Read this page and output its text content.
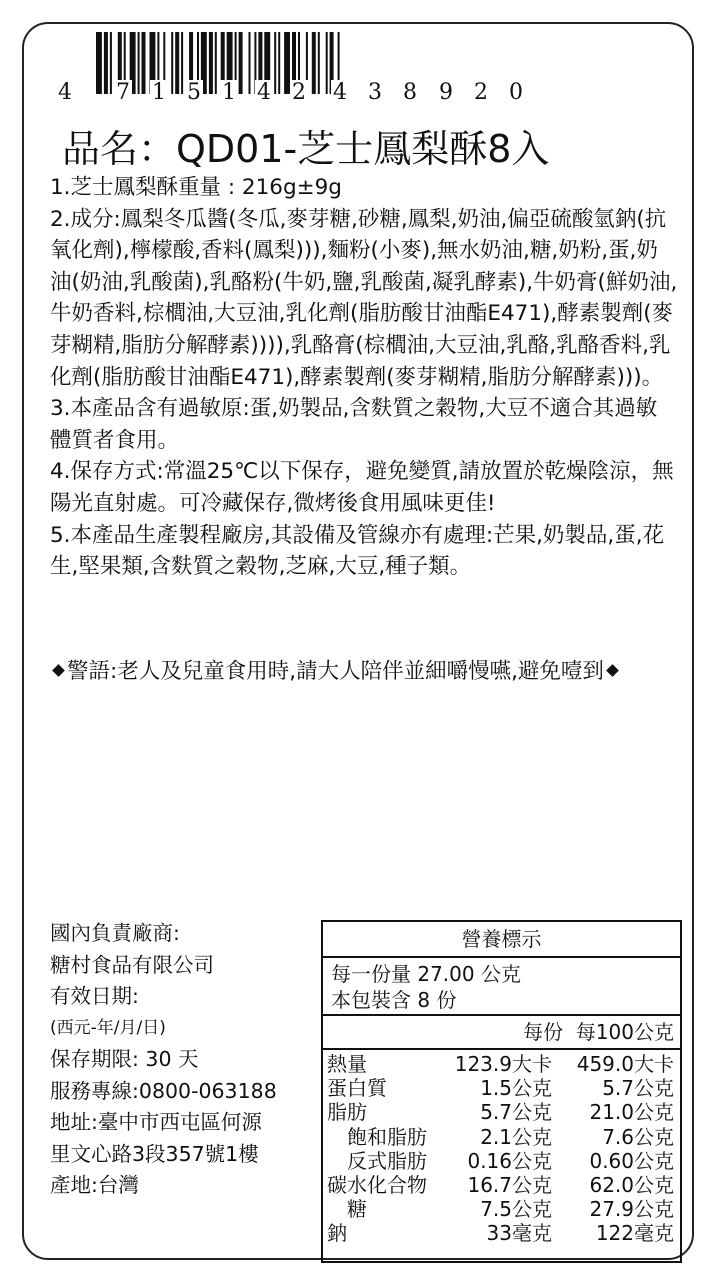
4 7 1 5 1 4 2 4 3 8 9 2 0
品名：QD01-芝士鳳梨酥8入

1.芝士鳳梨酥重量 : 216g±9g

2.成分:鳳梨冬瓜醬(冬瓜,麥芽糖,砂糖,鳳梨,奶油,偏亞硫酸氫鈉(抗氧化劑),檸檬酸,香料(鳳梨))),麵粉(小麥),無水奶油,糖,奶粉,蛋,奶油(奶油,乳酸菌),乳酪粉(牛奶,鹽,乳酸菌,凝乳酵素),牛奶膏(鮮奶油,牛奶香料,棕櫚油,大豆油,乳化劑(脂肪酸甘油酯E471),酵素製劑(麥芽糊精,脂肪分解酵素)))),乳酪膏(棕櫚油,大豆油,乳酪,乳酪香料,乳化劑(脂肪酸甘油酯E471),酵素製劑(麥芽糊精,脂肪分解酵素)))。

3.本產品含有過敏原:蛋,奶製品,含麩質之穀物,大豆不適合其過敏體質者食用。

4.保存方式:常溫25℃以下保存，避免變質,請放置於乾燥陰涼，無陽光直射處。可冷藏保存,微烤後食用風味更佳!

5.本產品生產製程廠房,其設備及管線亦有處理:芒果,奶製品,蛋,花生,堅果類,含麩質之穀物,芝麻,大豆,種子類。

警語:老人及兒童食用時,請大人陪伴並細嚼慢嚥,避免噎到
國內負責廠商:
糖村食品有限公司
有效日期:
(西元-年/月/日)
保存期限: 30 天
服務專線:0800-063188
地址:臺中市西屯區何源
里文心路3段357號1樓
產地:台灣
營養標示
每一份量 27.00 公克
本包裝含 8 份
每份 每100公克
熱量	123.9大卡 459.0大卡
蛋白質	1.5公克	5.7公克
脂肪	5.7公克 21.0公克
　飽和脂肪	2.1公克	7.6公克
　反式脂肪 0.16公克 0.60公克
碳水化合物 16.7公克 62.0公克
　糖	7.5公克 27.9公克
鈉	33毫克 122毫克
